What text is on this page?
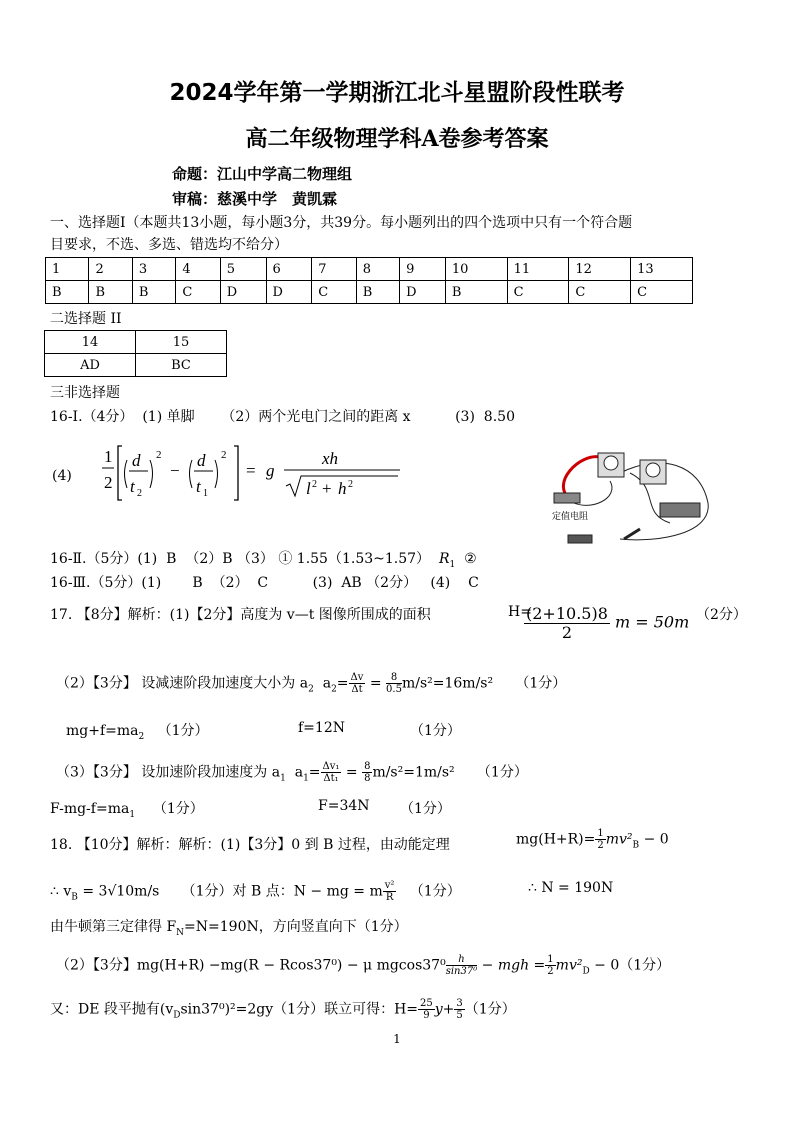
2024学年第一学期浙江北斗星盟阶段性联考
高二年级物理学科A卷参考答案
命题：江山中学高二物理组
审稿：慈溪中学　黄凯霖
一、选择题Ⅰ（本题共13小题，每小题3分，共39分。每小题列出的四个选项中只有一个符合题
目要求，不选、多选、错选均不给分）
1	2	3	4	5	6	7	8	9	10	11	12	13
B	B	B	C	D	D	C	B	D	B	C	C	C
二选择题 II
14	15
AD	BC
三非选择题
16-Ⅰ.（4分）  (1) 单脚      （2）两个光电门之间的距离 x          (3)  8.50
(4)
1
2
d
t 2
2
−
d
t 1
2
= g
xh
l 2 + h 2
定值电阻
16-Ⅱ.（5分）(1)  B  （2）B （3） ① 1.55（1.53~1.57） $R_1$ ②
16-Ⅲ.（5分）(1)       B  （2）  C          (3)  AB （2分）   (4)    C
17. 【8分】解析：(1)【2分】高度为 v—t 图像所围成的面积	H=
$\frac{(2+10.5)8}{2}$ m = 50m （2分）
（2）【3分】 设减速阶段加速度大小为 $a_2$ $a_2= \frac{\Delta v}{\Delta t} = \frac{8}{0.5} m/s^2=16m/s^2$ （1分）
$mg+f=ma_2$ （1分）	f=12N	（1分）
（3）【3分】 设加速阶段加速度为 $a_1$ $a_1= \frac{\text{Δv₁}}{\text{Δt₁}} = \frac{8}{8} m/s^2=1m/s^2$ （1分）
$F-mg-f=ma_1$ （1分）	F=34N （1分）
18. 【10分】解析：解析：(1)【3分】0 到 B 过程，由动能定理	$mg(H+R)= \frac{1}{2} mv^2_B - 0$
∴ $v_B = 3√10m/s$ （1分）对 B 点：N − mg = m $\frac{\text{v²}}{R} (1$分）	∴ N = 190N
由牛顿第三定律得 $F_N=N=190N$，方向竖直向下（1分）
（2）【3分】mg(H+R) −mg(R − Rcos37⁰) − μ $mgcos37^0 \frac{h}{\text{sin37⁰}}$ − mgh = $\frac{1}{2} mv^2_D - 0(1$分）
又：DE 段平抛有$(v_D\sin 37^0)^2=2gy(1$分）联立可得：$H= \frac{25}{9} y+ \frac{3}{5} (1$分）
1
